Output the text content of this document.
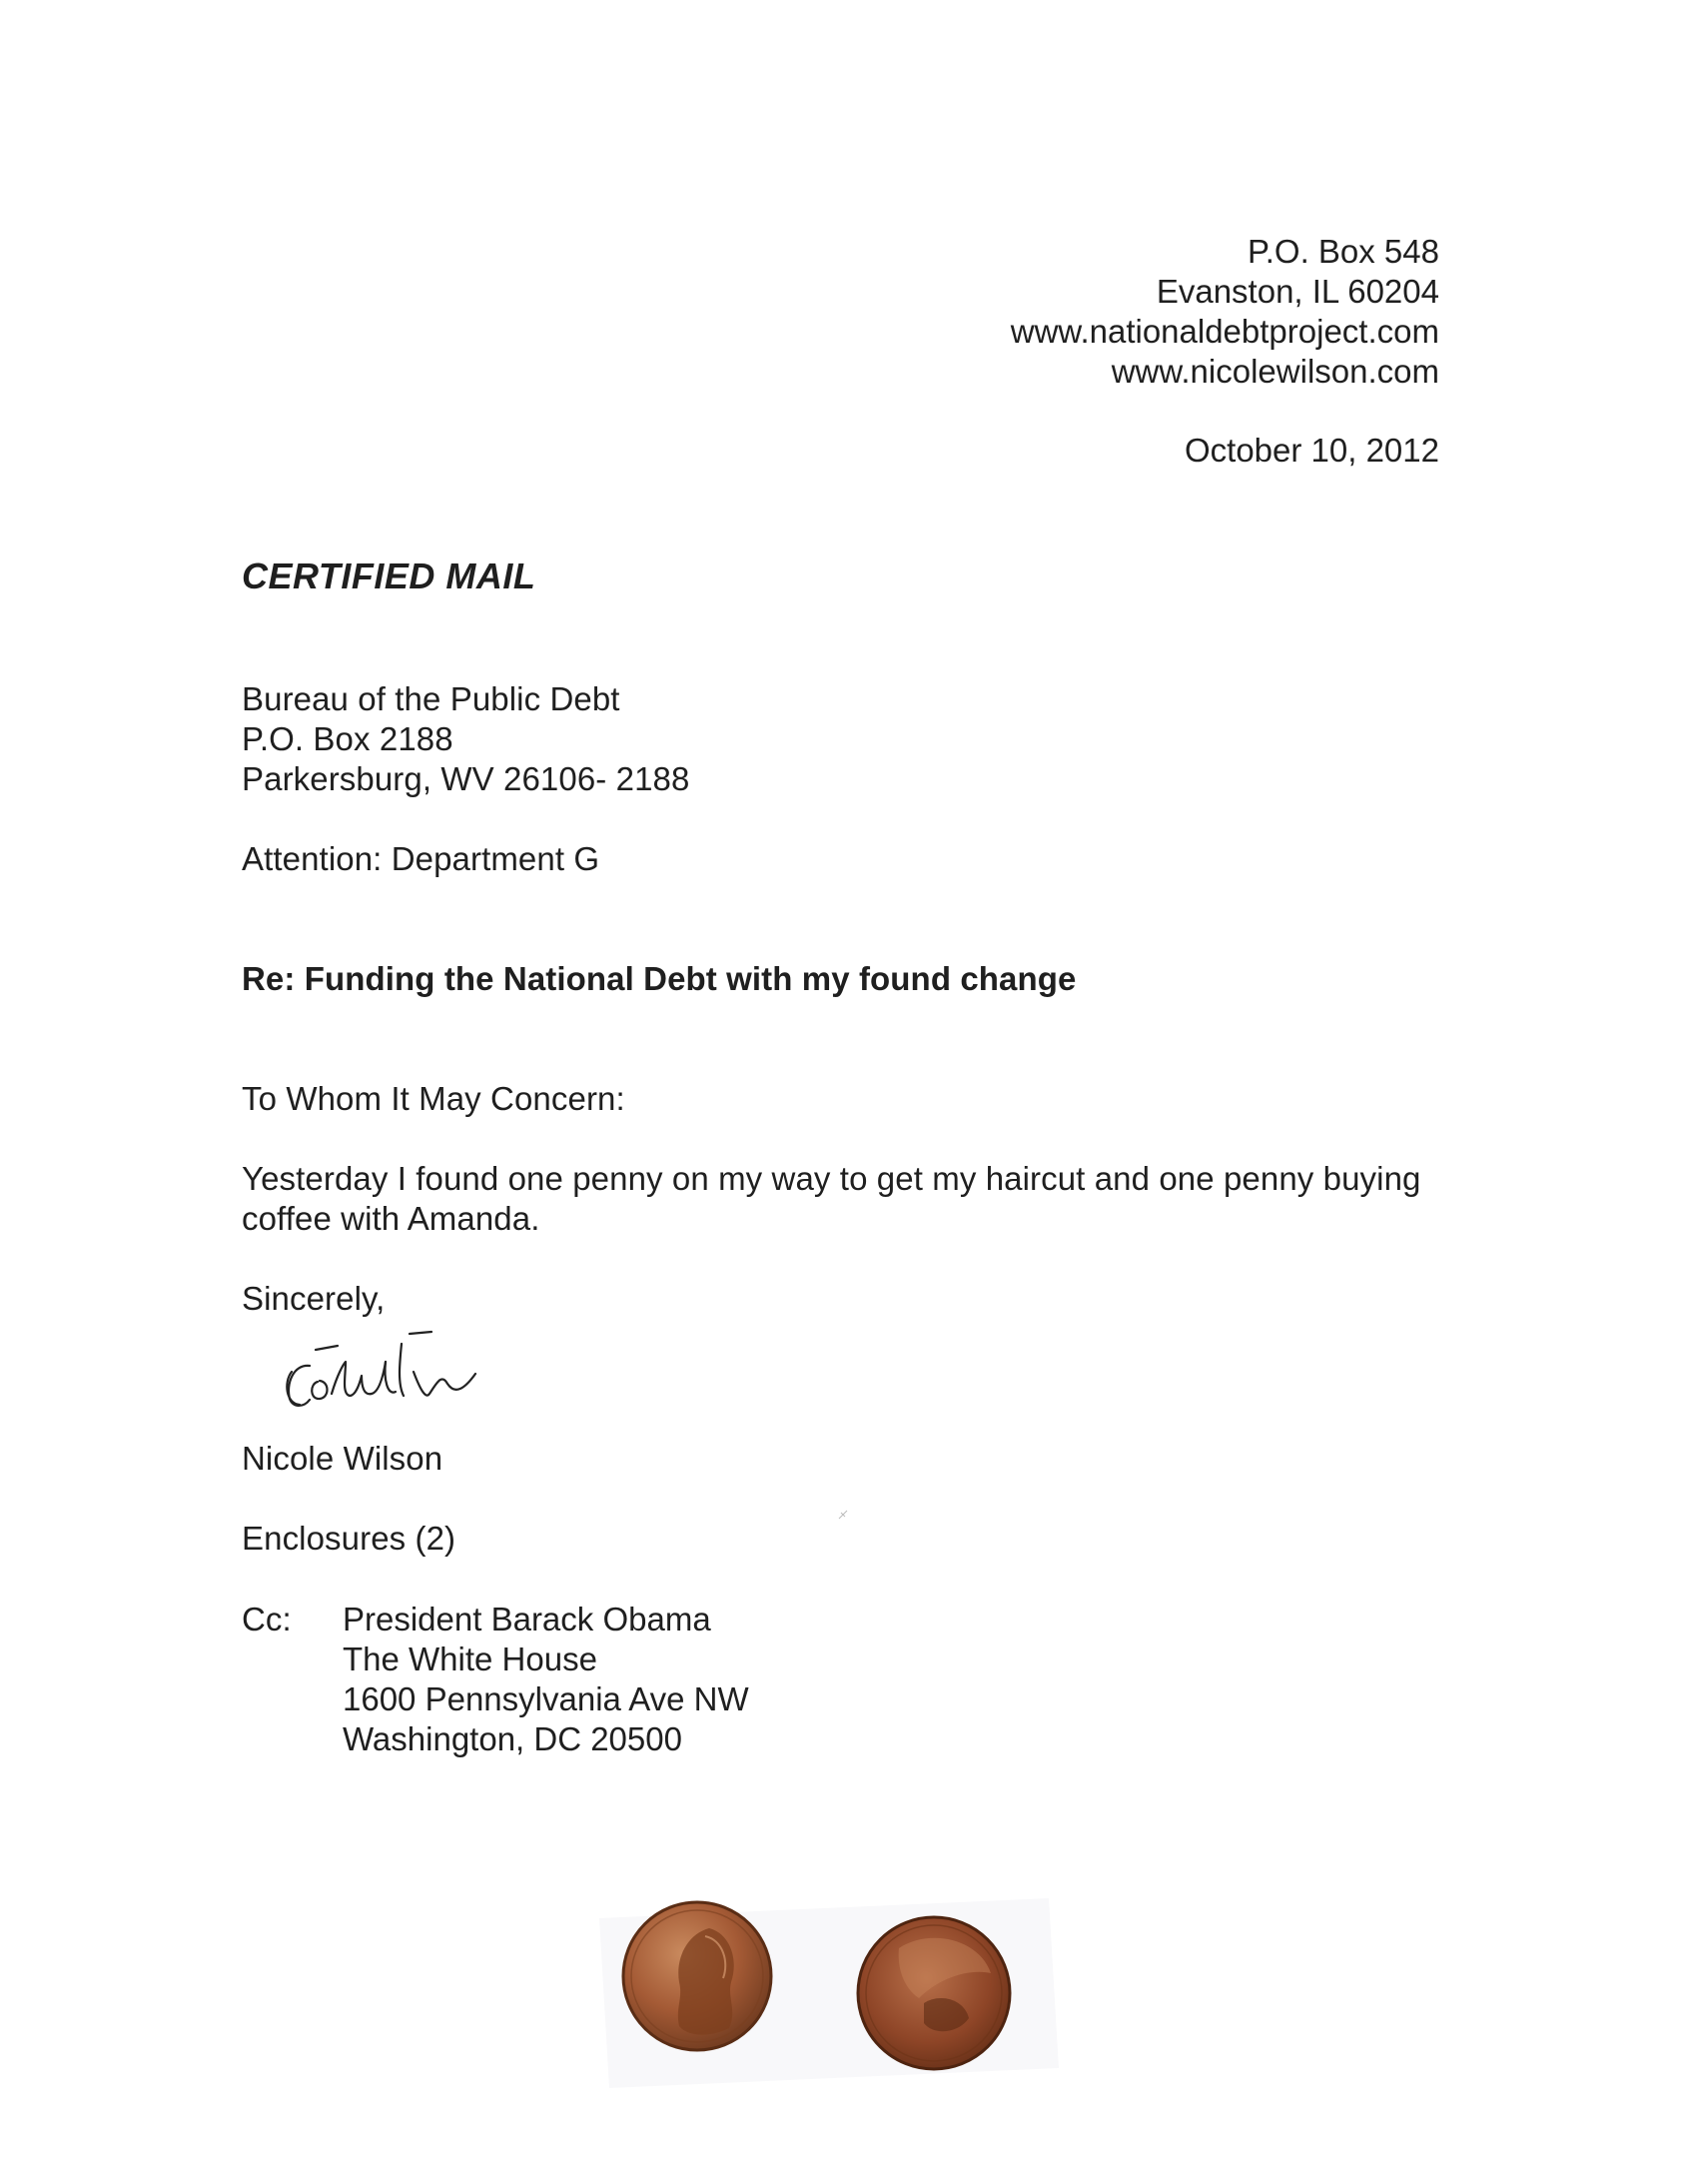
P.O. Box 548
Evanston, IL 60204
www.nationaldebtproject.com
www.nicolewilson.com
October 10, 2012
CERTIFIED MAIL
Bureau of the Public Debt
P.O. Box 2188
Parkersburg, WV 26106- 2188
Attention: Department G
Re: Funding the National Debt with my found change
To Whom It May Concern:
Yesterday I found one penny on my way to get my haircut and one penny buying coffee with Amanda.
Sincerely,
Nicole Wilson
Enclosures (2)
Cc: President Barack Obama
The White House
1600 Pennsylvania Ave NW
Washington, DC 20500
